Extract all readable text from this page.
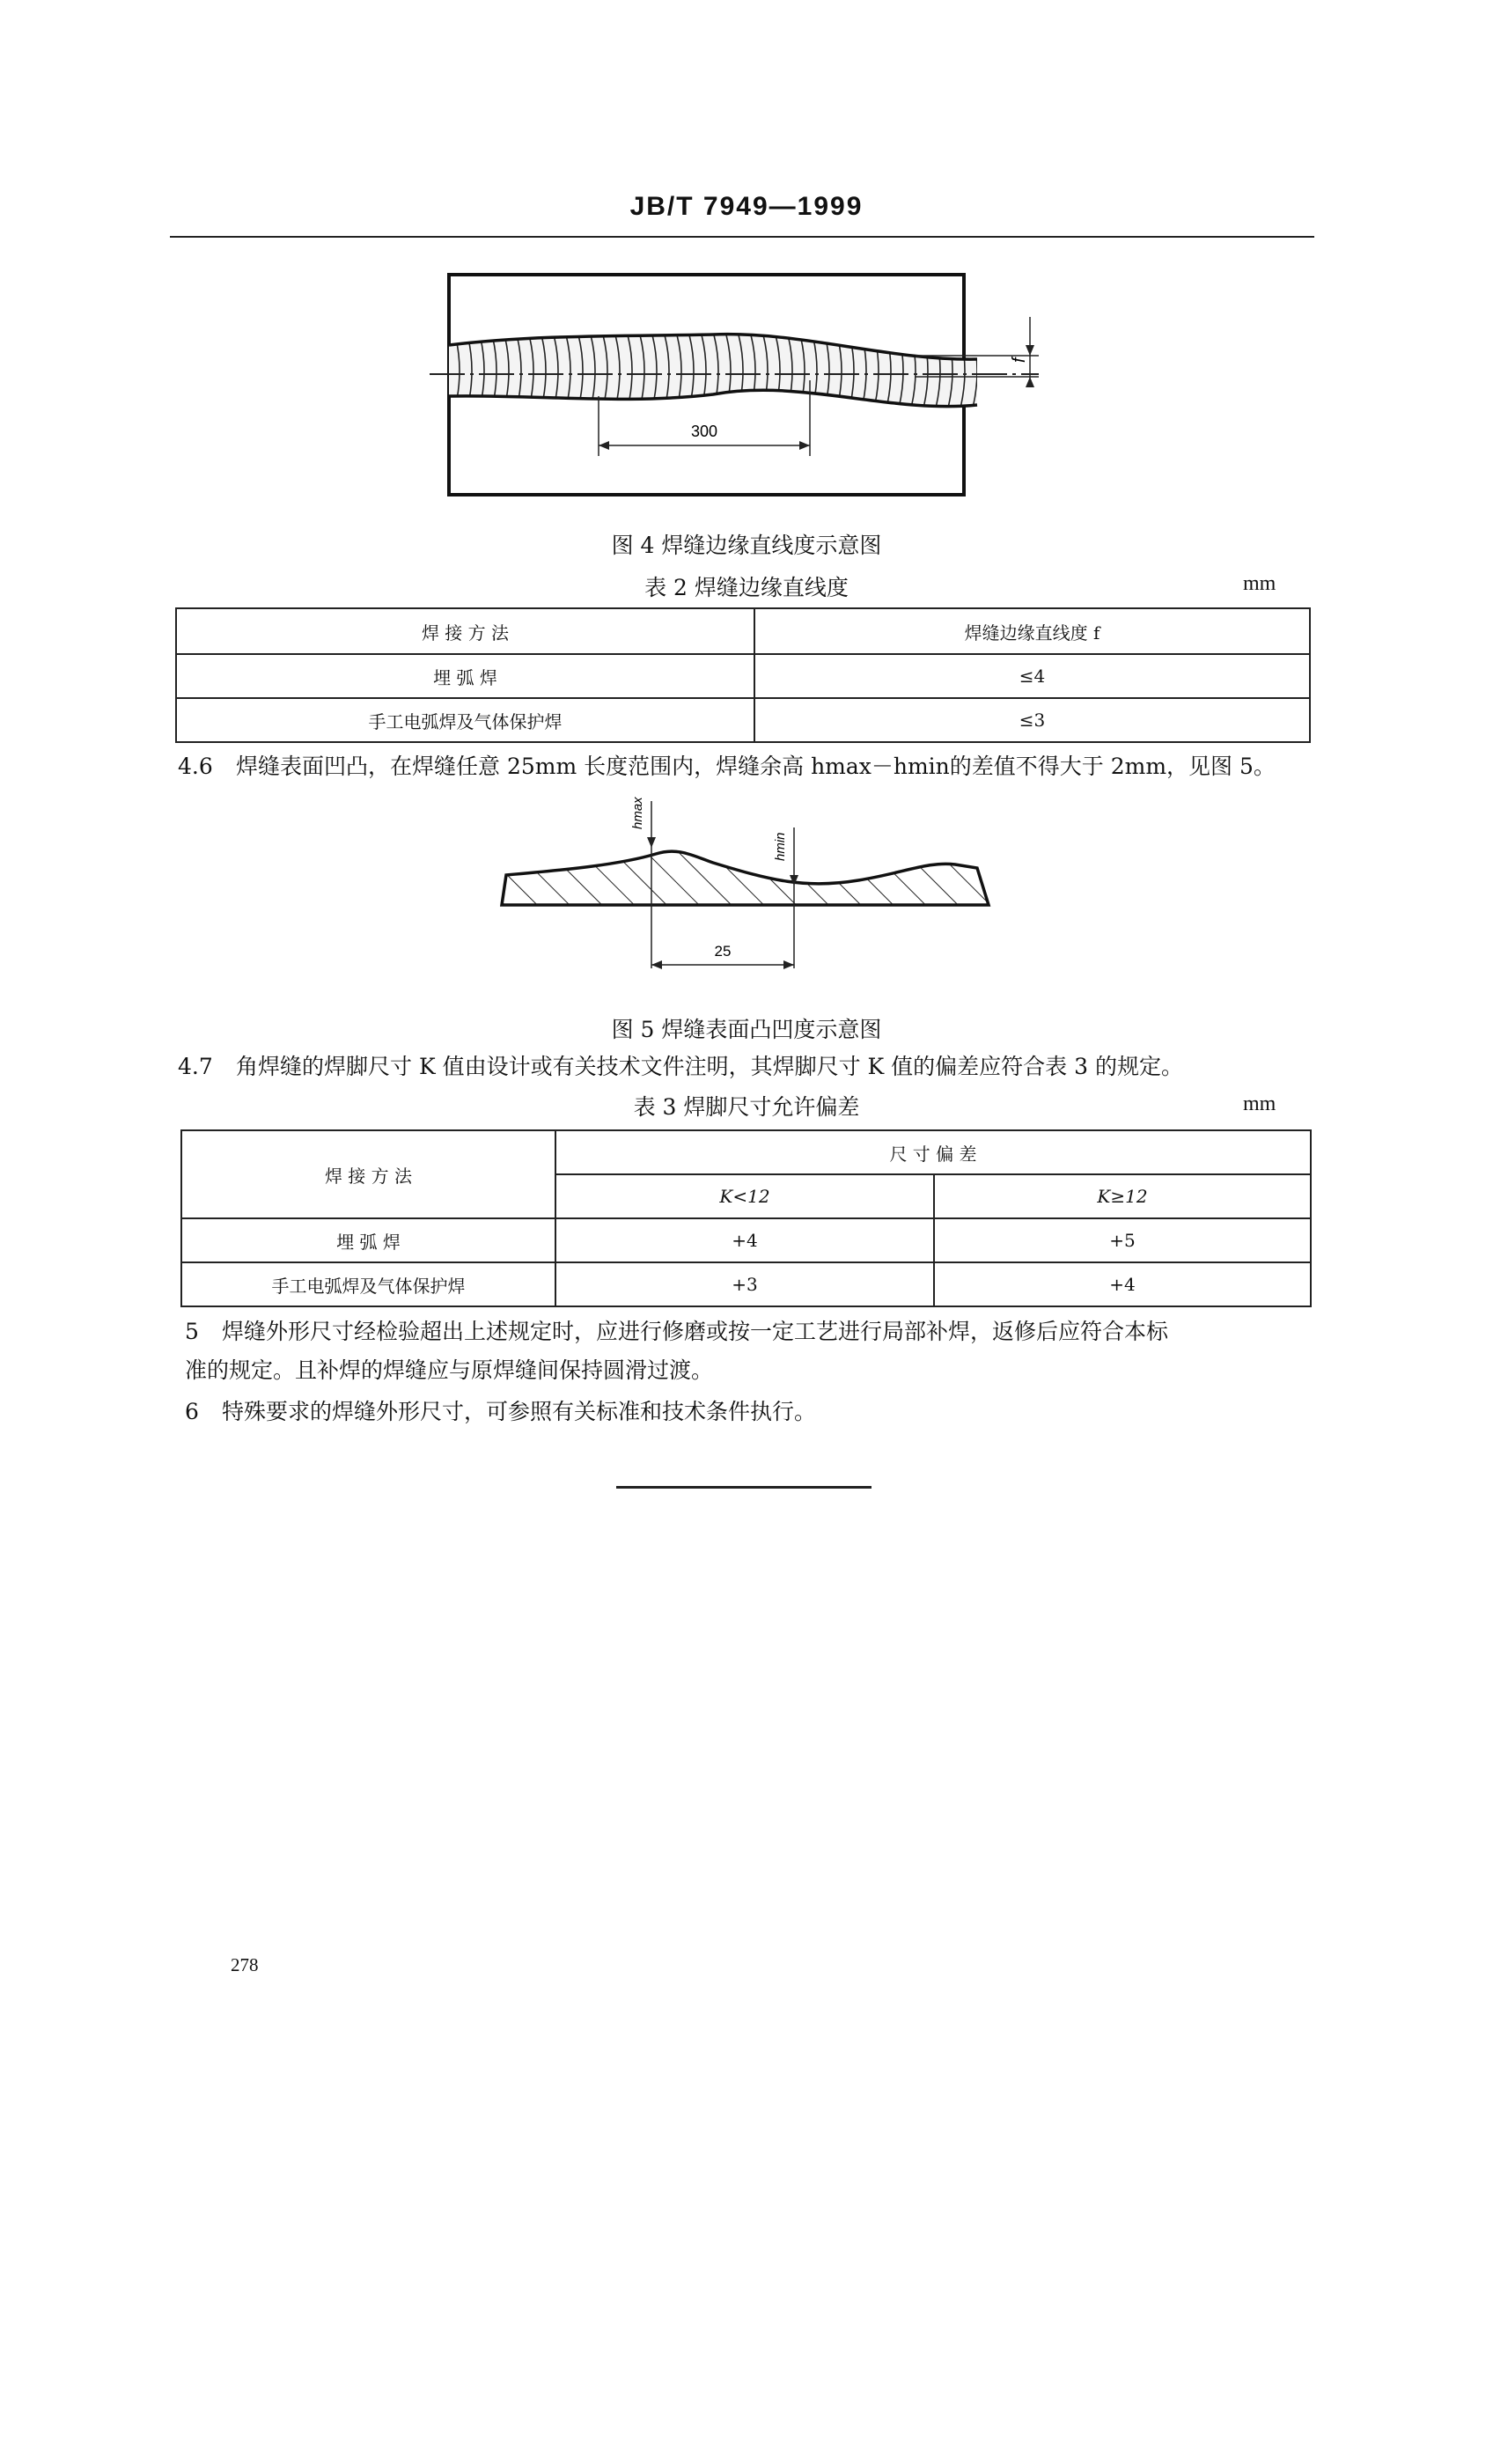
JB/T 7949—1999
f
300
图 4 焊缝边缘直线度示意图
表 2 焊缝边缘直线度	mm
焊 接 方 法	焊缝边缘直线度 f
埋 弧 焊	≤4
手工电弧焊及气体保护焊	≤3
4.6 焊缝表面凹凸，在焊缝任意 25mm 长度范围内，焊缝余高 hmax－hmin的差值不得大于 2mm，见图 5。
hmax
hmin
25
图 5 焊缝表面凸凹度示意图
4.7 角焊缝的焊脚尺寸 K 值由设计或有关技术文件注明，其焊脚尺寸 K 值的偏差应符合表 3 的规定。
表 3 焊脚尺寸允许偏差	mm
焊 接 方 法	尺 寸 偏 差	
	K<12	K≥12
埋 弧 焊	+4	+5
手工电弧焊及气体保护焊	+3	+4
5 焊缝外形尺寸经检验超出上述规定时，应进行修磨或按一定工艺进行局部补焊，返修后应符合本标
准的规定。且补焊的焊缝应与原焊缝间保持圆滑过渡。
6 特殊要求的焊缝外形尺寸，可参照有关标准和技术条件执行。
278
